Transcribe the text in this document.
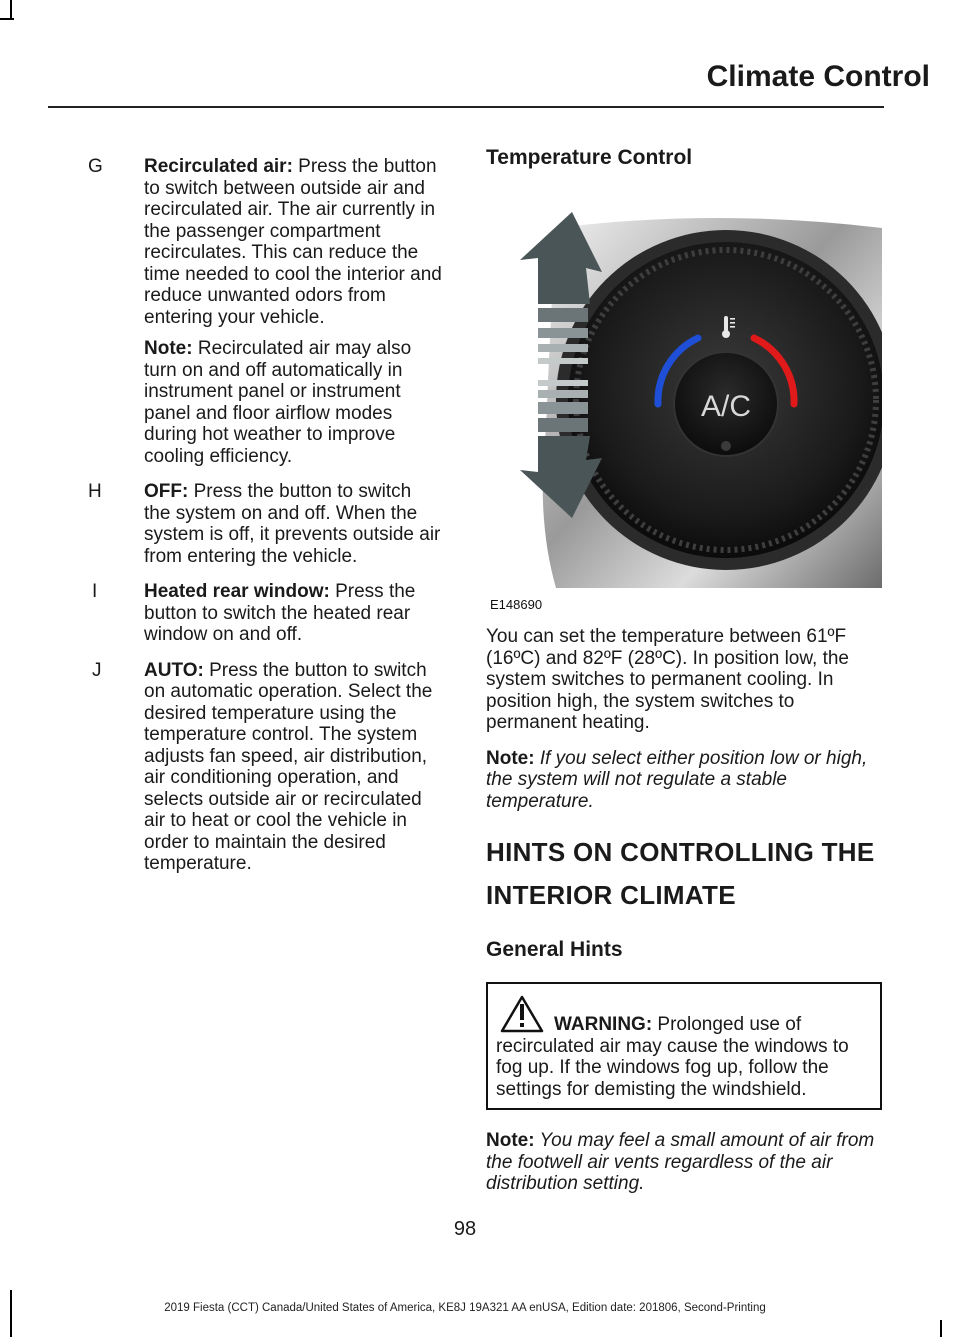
Climate Control
G Recirculated air: Press the button to switch between outside air and recirculated air. The air currently in the passenger compartment recirculates. This can reduce the time needed to cool the interior and reduce unwanted odors from entering your vehicle.

Note: Recirculated air may also turn on and off automatically in instrument panel or instrument panel and floor airflow modes during hot weather to improve cooling efficiency.

H OFF: Press the button to switch the system on and off. When the system is off, it prevents outside air from entering the vehicle.

I Heated rear window: Press the button to switch the heated rear window on and off.

J AUTO: Press the button to switch on automatic operation. Select the desired temperature using the temperature control. The system adjusts fan speed, air distribution, air conditioning operation, and selects outside air or recirculated air to heat or cool the vehicle in order to maintain the desired temperature.

Temperature Control
A/C
E148690

You can set the temperature between 61ºF (16ºC) and 82ºF (28ºC). In position low, the system switches to permanent cooling. In position high, the system switches to permanent heating.

Note: If you select either position low or high, the system will not regulate a stable temperature.

HINTS ON CONTROLLING THE
INTERIOR CLIMATE
General Hints

WARNING: Prolonged use of recirculated air may cause the windows to fog up. If the windows fog up, follow the settings for demisting the windshield.

Note: You may feel a small amount of air from the footwell air vents regardless of the air distribution setting.

98
2019 Fiesta (CCT) Canada/United States of America, KE8J 19A321 AA enUSA, Edition date: 201806, Second-Printing
